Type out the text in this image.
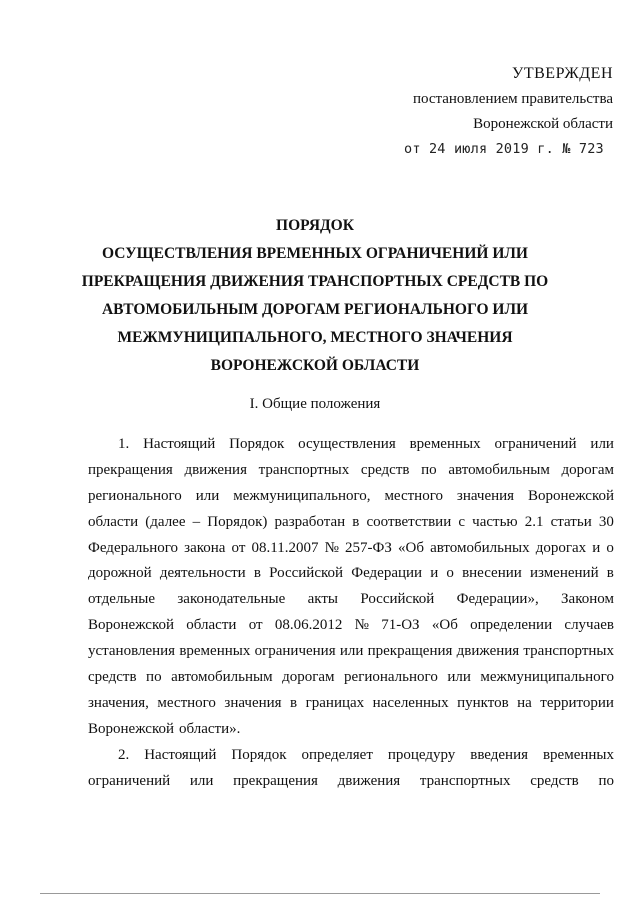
УТВЕРЖДЕН
постановлением правительства
Воронежской области
от 24 июля 2019 г. № 723
ПОРЯДОК
ОСУЩЕСТВЛЕНИЯ ВРЕМЕННЫХ ОГРАНИЧЕНИЙ ИЛИ
ПРЕКРАЩЕНИЯ ДВИЖЕНИЯ ТРАНСПОРТНЫХ СРЕДСТВ ПО
АВТОМОБИЛЬНЫМ ДОРОГАМ РЕГИОНАЛЬНОГО ИЛИ
МЕЖМУНИЦИПАЛЬНОГО, МЕСТНОГО ЗНАЧЕНИЯ
ВОРОНЕЖСКОЙ ОБЛАСТИ
I. Общие положения
1. Настоящий Порядок осуществления временных ограничений или
прекращения движения транспортных средств по автомобильным дорогам
регионального или межмуниципального, местного значения Воронежской
области (далее – Порядок) разработан в соответствии с частью 2.1 статьи 30
Федерального закона от 08.11.2007 № 257-ФЗ «Об автомобильных дорогах и о
дорожной деятельности в Российской Федерации и о внесении изменений в
отдельные законодательные акты Российской Федерации», Законом
Воронежской области от 08.06.2012 № 71-ОЗ «Об определении случаев
установления временных ограничения или прекращения движения транспортных
средств по автомобильным дорогам регионального или межмуниципального
значения, местного значения в границах населенных пунктов на территории
Воронежской области».
2. Настоящий Порядок определяет процедуру введения временных
ограничений или прекращения движения транспортных средств по
